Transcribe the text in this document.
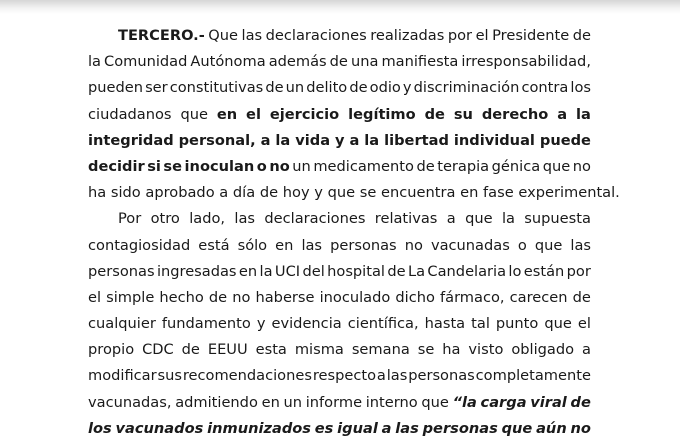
TERCERO.- Que las declaraciones realizadas por el Presidente de
la Comunidad Autónoma además de una manifiesta irresponsabilidad,
pueden ser constitutivas de un delito de odio y discriminación contra los
ciudadanos que en el ejercicio legítimo de su derecho a la
integridad personal, a la vida y a la libertad individual puede
decidir si se inoculan o no un medicamento de terapia génica que no
ha sido aprobado a día de hoy y que se encuentra en fase experimental.
Por otro lado, las declaraciones relativas a que la supuesta
contagiosidad está sólo en las personas no vacunadas o que las
personas ingresadas en la UCI del hospital de La Candelaria lo están por
el simple hecho de no haberse inoculado dicho fármaco, carecen de
cualquier fundamento y evidencia científica, hasta tal punto que el
propio CDC de EEUU esta misma semana se ha visto obligado a
modificar sus recomendaciones respecto a las personas completamente
vacunadas, admitiendo en un informe interno que “la carga viral de
los vacunados inmunizados es igual a las personas que aún no
